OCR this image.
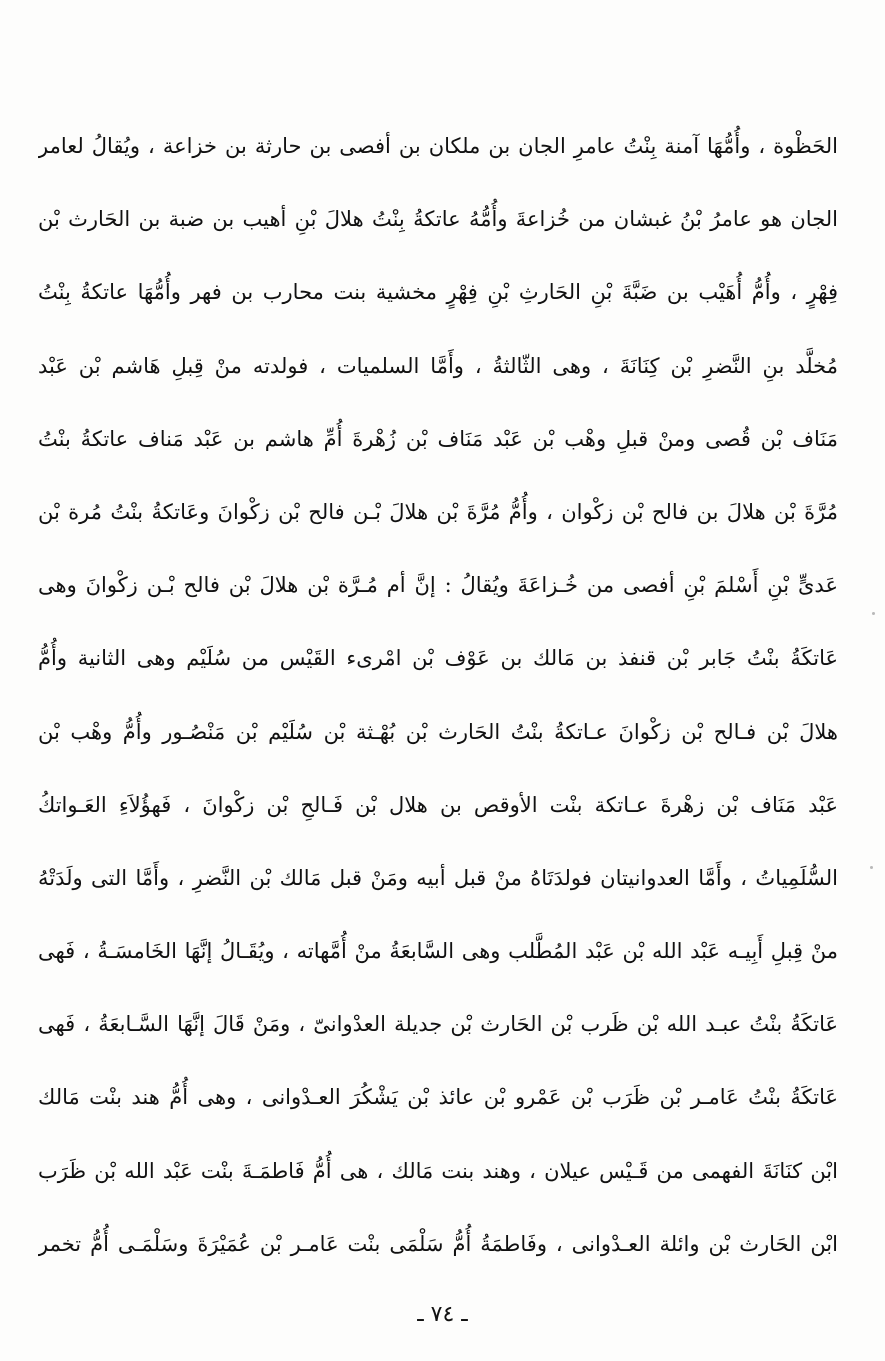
الحَظْوة ، وأُمُّهَا آمنة بِنْتُ عامرِ الجان بن ملكان بن أفصى بن حارثة بن خزاعة ، ويُقالُ لعامر
الجان هو عامرُ بْنُ غبشان من خُزاعةَ وأُمُّهُ عاتكةُ بِنْتُ هلالَ بْنِ أهيب بن ضبة بن الحَارث بْن
فِهْرٍ ، وأُمُّ أُهَيْب بن ضَبَّةَ بْنِ الحَارثِ بْنِ فِهْرٍ مخشية بنت محارب بن فهر وأُمُّهَا عاتكةُ بِنْتُ
مُخلَّد بنِ النَّضرِ بْن كِنَانَةَ ، وهى الثّالثةُ ، وأَمَّا السلميات ، فولدته منْ قِبلِ هَاشم بْن عَبْد
مَنَاف بْن قُصى ومنْ قبلِ وهْب بْن عَبْد مَنَاف بْن زُهْرةَ أُمِّ هاشم بن عَبْد مَناف عاتكةُ بنْتُ
مُرَّةَ بْن هلالَ بن فالح بْن زكْوان ، وأُمُّ مُرَّةَ بْن هلالَ بْـن فالح بْن زكْوانَ وعَاتكةُ بنْتُ مُرة بْن
عَدىٍّ بْنِ أَسْلمَ بْنِ أفصى من خُـزاعَةَ ويُقالُ : إنَّ أم مُـرَّة بْن هلالَ بْن فالح بْـن زكْوانَ وهى
عَاتكَةُ بنْتُ جَابر بْن قنفذ بن مَالك بن عَوْف بْن امْرىء القَيْس من سُلَيْم وهى الثانية وأُمُّ
هلالَ بْن فـالح بْن زكْوانَ عـاتكةُ بنْتُ الحَارث بْن بُهْـثة بْن سُلَيْم بْن مَنْصُـور وأُمُّ وهْب بْن
عَبْد مَنَاف بْن زهْرةَ عـاتكة بنْت الأوقص بن هلال بْن فَـالحِ بْن زكْوانَ ، فَهؤُلاَءِ العَـواتكُ
السُّلَمِياتُ ، وأَمَّا العدوانيتان فولدَتَاهُ منْ قبل أبيه ومَنْ قبل مَالك بْن النَّضرِ ، وأَمَّا التى ولَدَتْهُ
منْ قِبلِ أَبِيـه عَبْد الله بْن عَبْد المُطَّلب وهى السَّابعَةُ منْ أُمَّهاته ، ويُقَـالُ إنَّهَا الخَامسَـةُ ، فَهى
عَاتكَةُ بنْتُ عبـد الله بْن ظَرب بْن الحَارث بْن جديلة العدْوانىّ ، ومَنْ قَالَ إنَّهَا السَّـابعَةُ ، فَهى
عَاتكَةُ بنْتُ عَامـر بْن ظَرَب بْن عَمْرو بْن عائذ بْن يَشْكُرَ العـدْوانى ، وهى أُمُّ هند بنْت مَالك
ابْن كنَانَةَ الفهمى من قَـيْس عيلان ، وهند بنت مَالك ، هى أُمُّ فَاطمَـةَ بنْت عَبْد الله بْن ظَرَب
ابْن الحَارث بْن وائلة العـدْوانى ، وفَاطمَةُ أُمُّ سَلْمَى بنْت عَامـر بْن عُمَيْرَةَ وسَلْمَـى أُمُّ تخمر
ـ ٧٤ ـ
